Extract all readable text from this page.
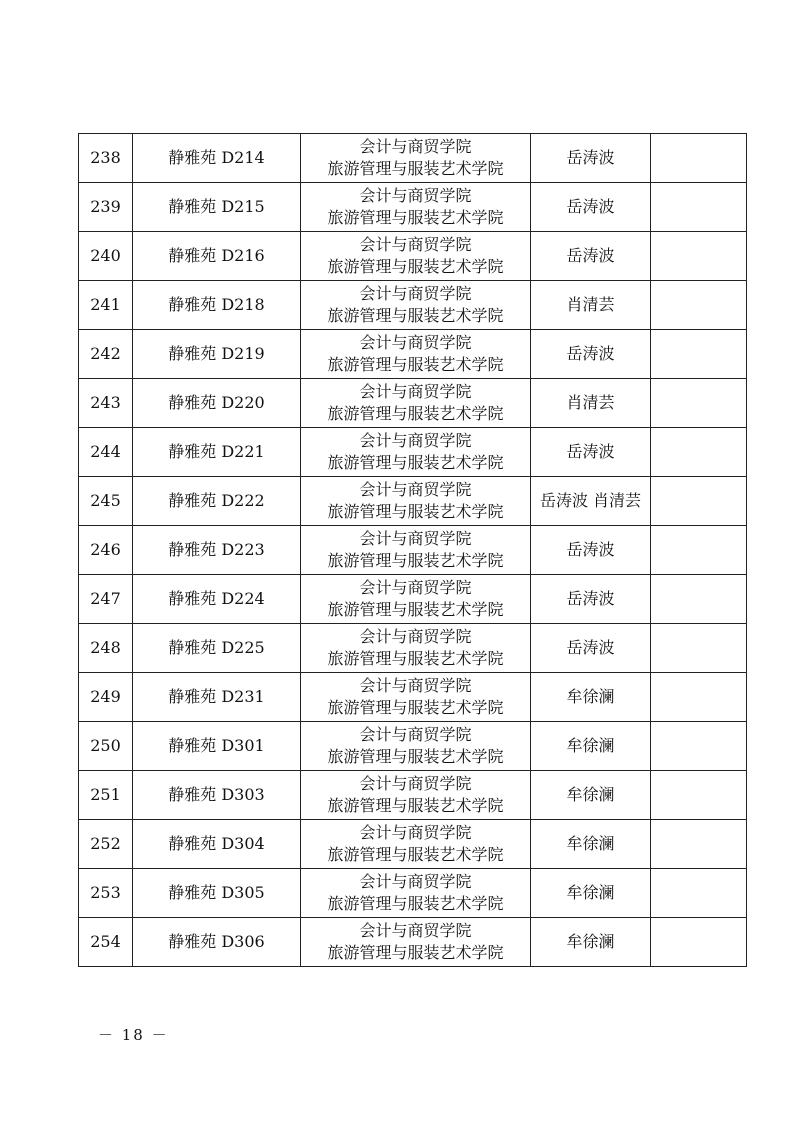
238	静雅苑 D214	会计与商贸学院
旅游管理与服装艺术学院	岳涛波	

239	静雅苑 D215	会计与商贸学院
旅游管理与服装艺术学院	岳涛波	

240	静雅苑 D216	会计与商贸学院
旅游管理与服装艺术学院	岳涛波	

241	静雅苑 D218	会计与商贸学院
旅游管理与服装艺术学院	肖清芸	

242	静雅苑 D219	会计与商贸学院
旅游管理与服装艺术学院	岳涛波	

243	静雅苑 D220	会计与商贸学院
旅游管理与服装艺术学院	肖清芸	

244	静雅苑 D221	会计与商贸学院
旅游管理与服装艺术学院	岳涛波	

245	静雅苑 D222	会计与商贸学院
旅游管理与服装艺术学院	岳涛波 肖清芸	

246	静雅苑 D223	会计与商贸学院
旅游管理与服装艺术学院	岳涛波	

247	静雅苑 D224	会计与商贸学院
旅游管理与服装艺术学院	岳涛波	

248	静雅苑 D225	会计与商贸学院
旅游管理与服装艺术学院	岳涛波	

249	静雅苑 D231	会计与商贸学院
旅游管理与服装艺术学院	牟徐澜	

250	静雅苑 D301	会计与商贸学院
旅游管理与服装艺术学院	牟徐澜	

251	静雅苑 D303	会计与商贸学院
旅游管理与服装艺术学院	牟徐澜	

252	静雅苑 D304	会计与商贸学院
旅游管理与服装艺术学院	牟徐澜	

253	静雅苑 D305	会计与商贸学院
旅游管理与服装艺术学院	牟徐澜	

254	静雅苑 D306	会计与商贸学院
旅游管理与服装艺术学院	牟徐澜	

－ 18 －
